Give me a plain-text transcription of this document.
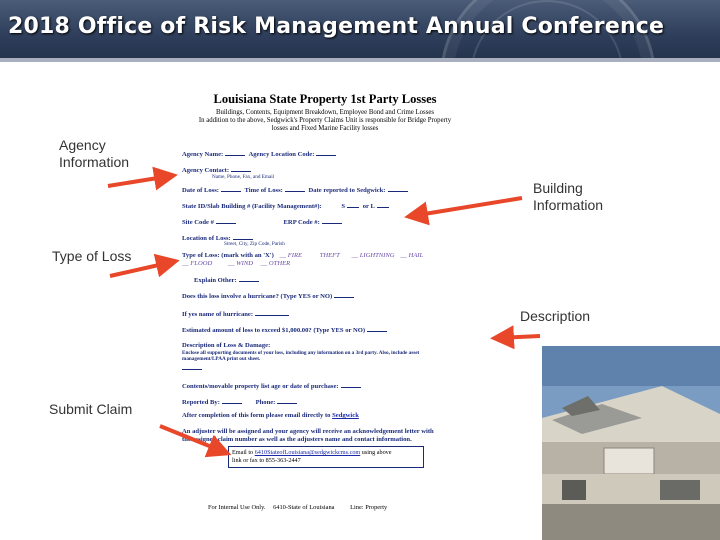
2018 Office of Risk Management Annual Conference

Louisiana State Property 1st Party Losses

Buildings, Contents, Equipment Breakdown, Employee Bond and Crime Losses
In addition to the above, Sedgwick's Property Claims Unit is responsible for Bridge Property
losses and Fixed Marine Facility losses
Agency Name:	Agency Location Code:
Agency Contact:
Name, Phone, Fax, and Email
Date of Loss:	Time of Loss:	Date reported to Sedgwick:
State ID/Slab Building # (Facility Management#):	S	or L
Site Code #	ERP Code #:
Location of Loss:
Street, City, Zip Code, Parish
Type of Loss: (mark with an 'X') __ FIRE	THEFT __ LIGHTNING __ HAIL
__ FLOOD __ WIND __ OTHER
Explain Other:
Does this loss involve a hurricane? (Type YES or NO)
If yes name of hurricane:
Estimated amount of loss to exceed $1,000.00? (Type YES or NO)
Description of Loss & Damage:
Enclose all supporting documents of your loss, including any information on a 3rd party. Also, include asset
management/LPAA print out sheet.
Contents/movable property list age or date of purchase:
Reported By:	Phone:
After completion of this form please email directly to Sedgwick
An adjuster will be assigned and your agency will receive an acknowledgement letter with
the assigned claim number as well as the adjusters name and contact information.
Email to 6410StateofLouisiana@sedgwickcms.com using above
link or fax to 855-363-2447
For Internal Use Only. 6410-State of Louisiana Line: Property
Agency
Information
Building
Information
Type of Loss
Description
Submit Claim
